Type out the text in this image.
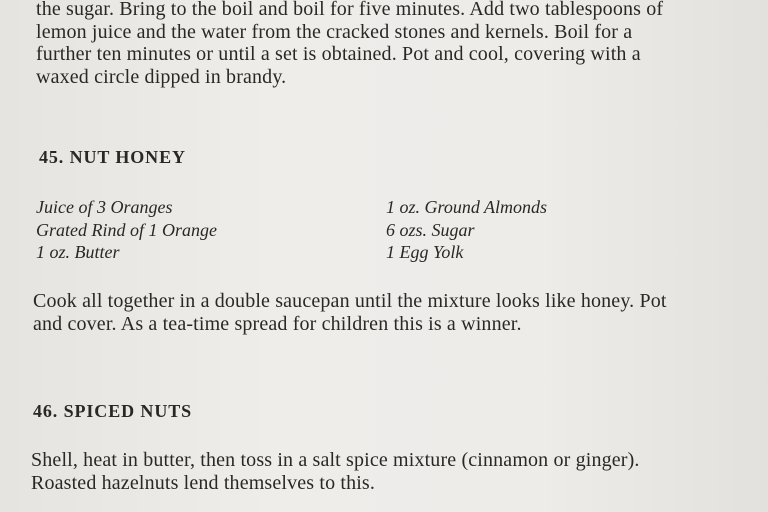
the sugar. Bring to the boil and boil for five minutes. Add two tablespoons of
lemon juice and the water from the cracked stones and kernels. Boil for a
further ten minutes or until a set is obtained. Pot and cool, covering with a
waxed circle dipped in brandy.
45. NUT HONEY
Juice of 3 Oranges
Grated Rind of 1 Orange
1 oz. Butter
1 oz. Ground Almonds
6 ozs. Sugar
1 Egg Yolk
Cook all together in a double saucepan until the mixture looks like honey. Pot
and cover. As a tea-time spread for children this is a winner.
46. SPICED NUTS
Shell, heat in butter, then toss in a salt spice mixture (cinnamon or ginger).
Roasted hazelnuts lend themselves to this.
